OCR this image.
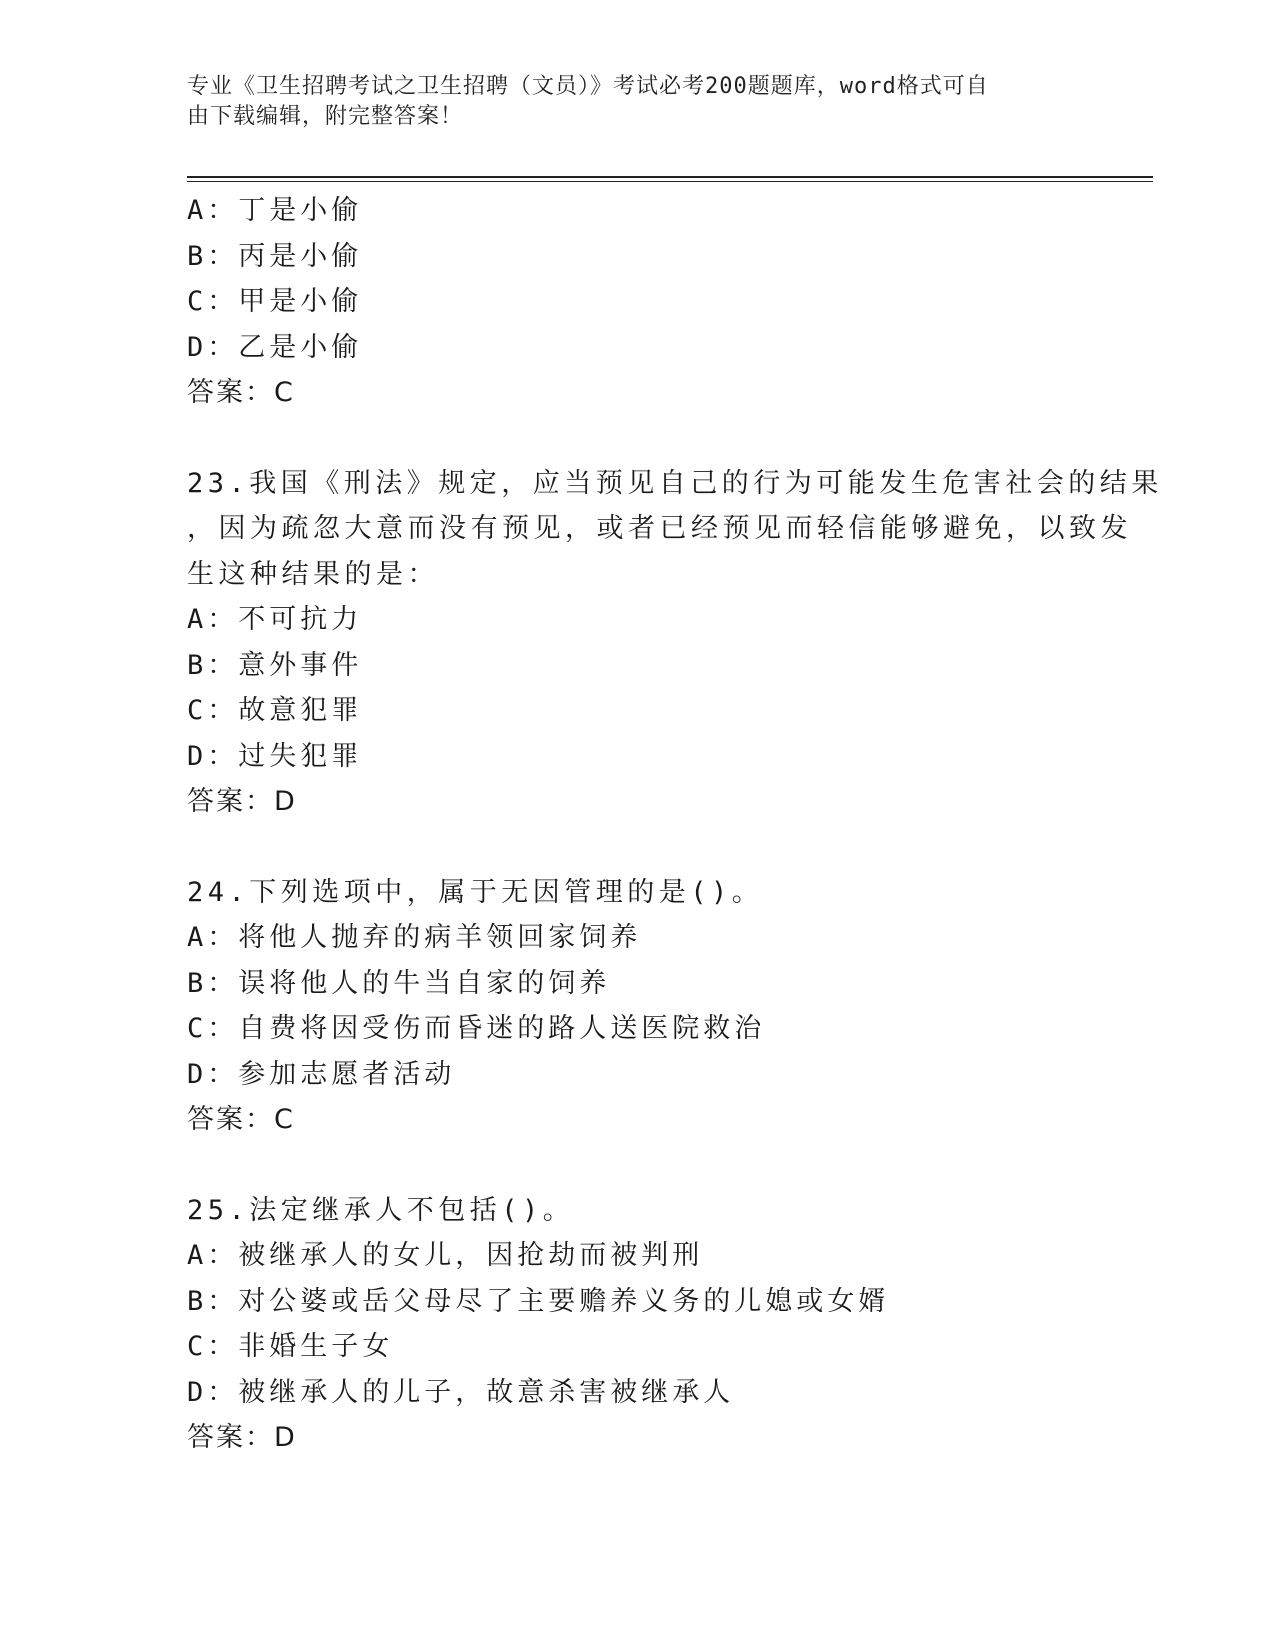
专业《卫生招聘考试之卫生招聘（文员）》考试必考200题题库，word格式可自
由下载编辑，附完整答案！
A：丁是小偷
B：丙是小偷
C：甲是小偷
D：乙是小偷
答案：C
23.我国《刑法》规定，应当预见自己的行为可能发生危害社会的结果
，因为疏忽大意而没有预见，或者已经预见而轻信能够避免，以致发
生这种结果的是：
A：不可抗力
B：意外事件
C：故意犯罪
D：过失犯罪
答案：D
24.下列选项中，属于无因管理的是()。
A：将他人抛弃的病羊领回家饲养
B：误将他人的牛当自家的饲养
C：自费将因受伤而昏迷的路人送医院救治
D：参加志愿者活动
答案：C
25.法定继承人不包括()。
A：被继承人的女儿，因抢劫而被判刑
B：对公婆或岳父母尽了主要赡养义务的儿媳或女婿
C：非婚生子女
D：被继承人的儿子，故意杀害被继承人
答案：D
